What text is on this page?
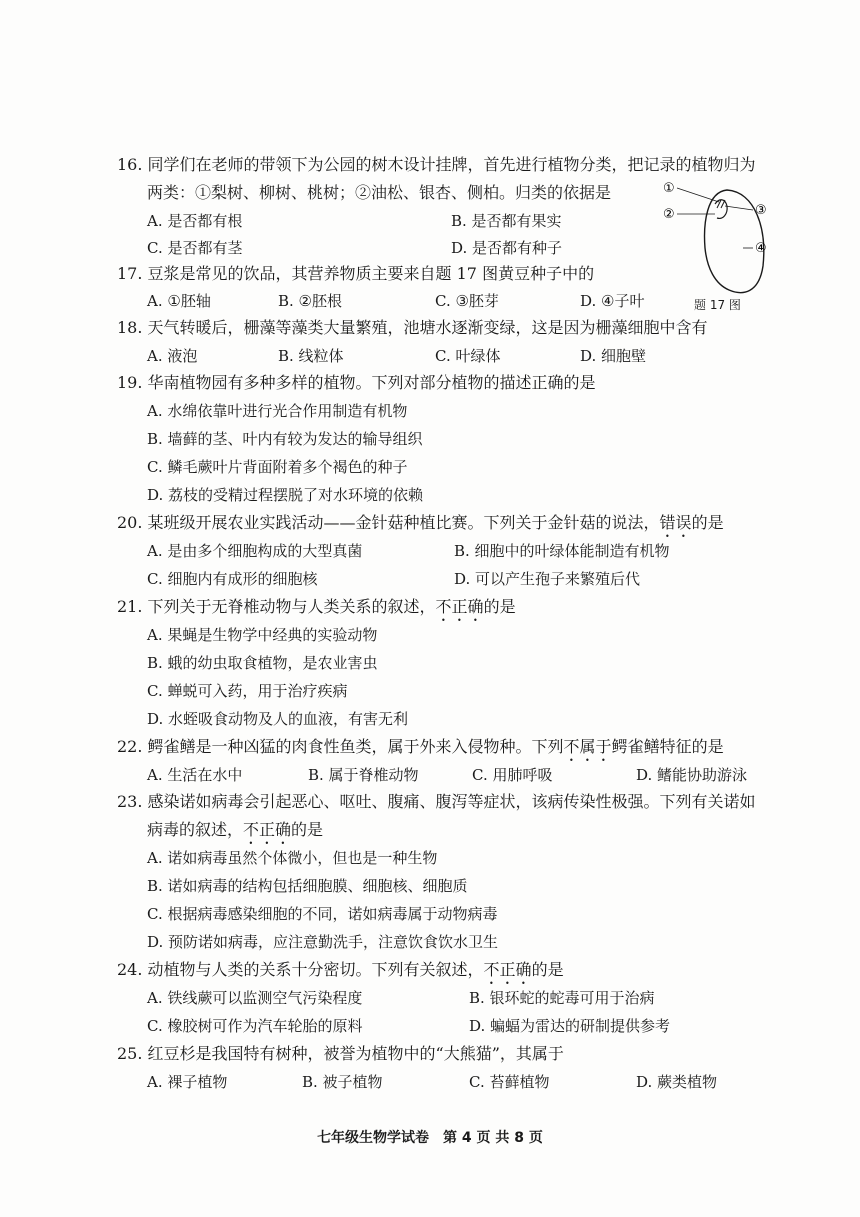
16. 同学们在老师的带领下为公园的树木设计挂牌，首先进行植物分类，把记录的植物归为
两类：①梨树、柳树、桃树；②油松、银杏、侧柏。归类的依据是
A. 是否都有根	B. 是否都有果实
C. 是否都有茎	D. 是否都有种子
①
②	③
④
题 17 图
17. 豆浆是常见的饮品，其营养物质主要来自题 17 图黄豆种子中的
A. ①胚轴	B. ②胚根	C. ③胚芽	D. ④子叶
18. 天气转暖后，栅藻等藻类大量繁殖，池塘水逐渐变绿，这是因为栅藻细胞中含有
A. 液泡	B. 线粒体	C. 叶绿体	D. 细胞壁
19. 华南植物园有多种多样的植物。下列对部分植物的描述正确的是
A. 水绵依靠叶进行光合作用制造有机物
B. 墙藓的茎、叶内有较为发达的输导组织
C. 鳞毛蕨叶片背面附着多个褐色的种子
D. 荔枝的受精过程摆脱了对水环境的依赖
20. 某班级开展农业实践活动——金针菇种植比赛。下列关于金针菇的说法，错误的是
A. 是由多个细胞构成的大型真菌	B. 细胞中的叶绿体能制造有机物
C. 细胞内有成形的细胞核	D. 可以产生孢子来繁殖后代
21. 下列关于无脊椎动物与人类关系的叙述，不正确的是
A. 果蝇是生物学中经典的实验动物
B. 蛾的幼虫取食植物，是农业害虫
C. 蝉蜕可入药，用于治疗疾病
D. 水蛭吸食动物及人的血液，有害无利
22. 鳄雀鳝是一种凶猛的肉食性鱼类，属于外来入侵物种。下列不属于鳄雀鳝特征的是
A. 生活在水中	B. 属于脊椎动物	C. 用肺呼吸	D. 鳍能协助游泳
23. 感染诺如病毒会引起恶心、呕吐、腹痛、腹泻等症状，该病传染性极强。下列有关诺如
病毒的叙述，不正确的是
A. 诺如病毒虽然个体微小，但也是一种生物
B. 诺如病毒的结构包括细胞膜、细胞核、细胞质
C. 根据病毒感染细胞的不同，诺如病毒属于动物病毒
D. 预防诺如病毒，应注意勤洗手，注意饮食饮水卫生
24. 动植物与人类的关系十分密切。下列有关叙述，不正确的是
A. 铁线蕨可以监测空气污染程度	B. 银环蛇的蛇毒可用于治病
C. 橡胶树可作为汽车轮胎的原料	D. 蝙蝠为雷达的研制提供参考
25. 红豆杉是我国特有树种，被誉为植物中的“大熊猫”，其属于
A. 裸子植物	B. 被子植物	C. 苔藓植物	D. 蕨类植物
七年级生物学试卷　第 4 页 共 8 页
